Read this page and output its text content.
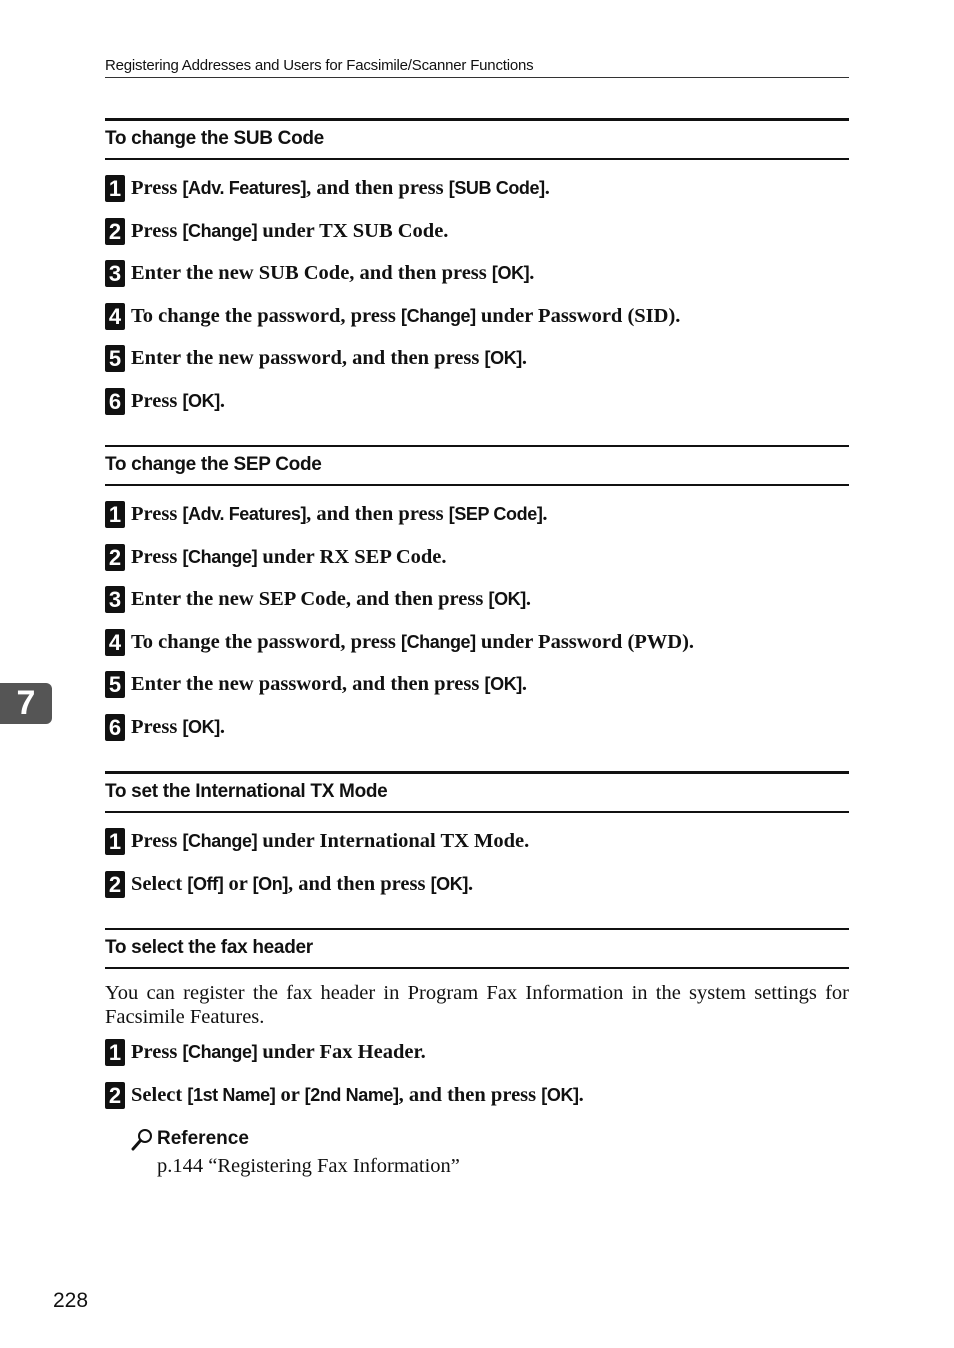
Registering Addresses and Users for Facsimile/Scanner Functions
To change the SUB Code
1 Press [Adv. Features], and then press [SUB Code].
2 Press [Change] under TX SUB Code.
3 Enter the new SUB Code, and then press [OK].
4 To change the password, press [Change] under Password (SID).
5 Enter the new password, and then press [OK].
6 Press [OK].
To change the SEP Code
1 Press [Adv. Features], and then press [SEP Code].
2 Press [Change] under RX SEP Code.
3 Enter the new SEP Code, and then press [OK].
4 To change the password, press [Change] under Password (PWD).
5 Enter the new password, and then press [OK].
6 Press [OK].
To set the International TX Mode
1 Press [Change] under International TX Mode.
2 Select [Off] or [On], and then press [OK].
To select the fax header
You can register the fax header in Program Fax Information in the system settings for Facsimile Features.
1 Press [Change] under Fax Header.
2 Select [1st Name] or [2nd Name], and then press [OK].
Reference
p.144 “Registering Fax Information”
7
228
